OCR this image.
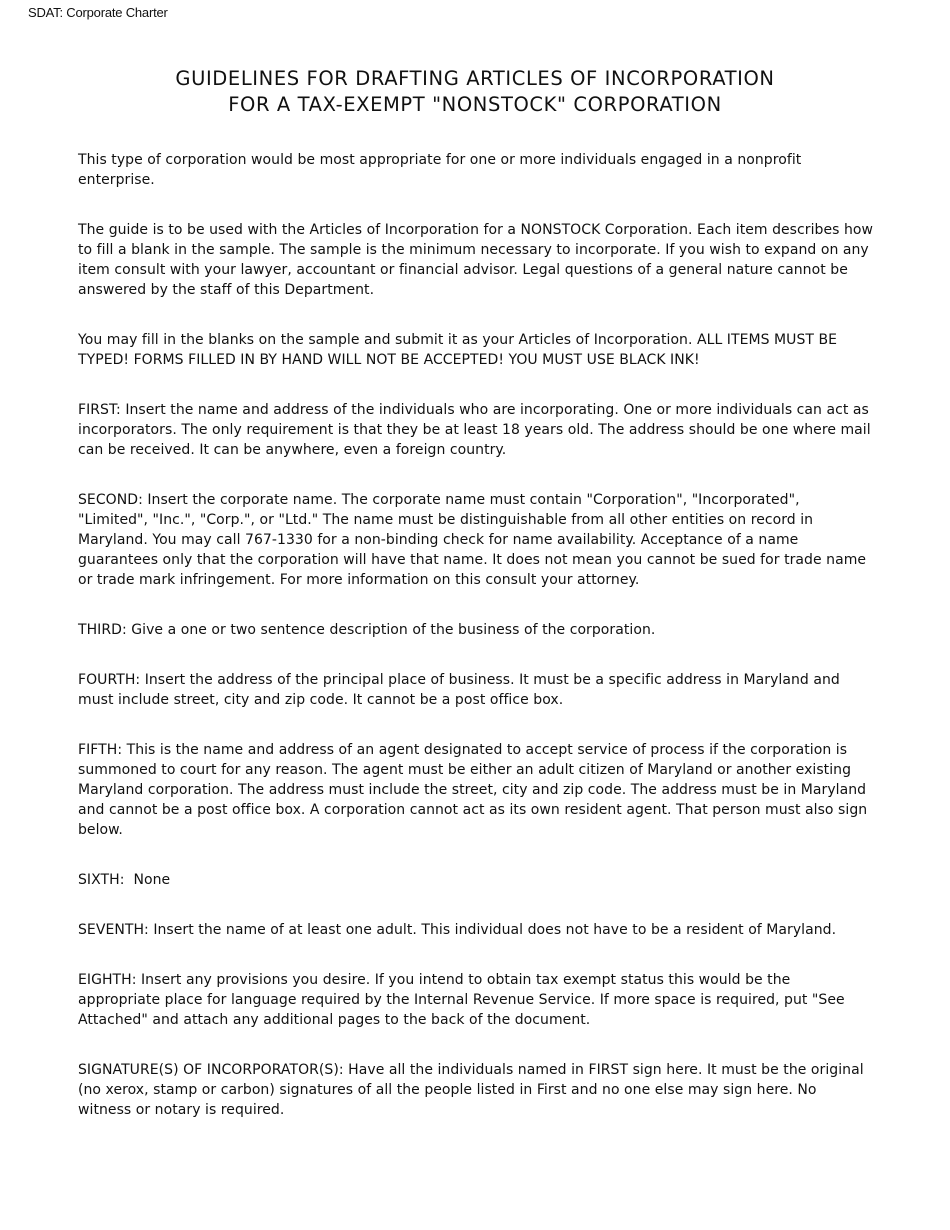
SDAT: Corporate Charter
GUIDELINES FOR DRAFTING ARTICLES OF INCORPORATION
FOR A TAX-EXEMPT "NONSTOCK" CORPORATION

This type of corporation would be most appropriate for one or more individuals engaged in a nonprofit enterprise.

The guide is to be used with the Articles of Incorporation for a NONSTOCK Corporation. Each item describes how to fill a blank in the sample. The sample is the minimum necessary to incorporate. If you wish to expand on any item consult with your lawyer, accountant or financial advisor. Legal questions of a general nature cannot be answered by the staff of this Department.

You may fill in the blanks on the sample and submit it as your Articles of Incorporation. ALL ITEMS MUST BE TYPED! FORMS FILLED IN BY HAND WILL NOT BE ACCEPTED! YOU MUST USE BLACK INK!

FIRST: Insert the name and address of the individuals who are incorporating. One or more individuals can act as incorporators. The only requirement is that they be at least 18 years old. The address should be one where mail can be received. It can be anywhere, even a foreign country.

SECOND: Insert the corporate name. The corporate name must contain "Corporation", "Incorporated", "Limited", "Inc.", "Corp.", or "Ltd." The name must be distinguishable from all other entities on record in Maryland. You may call 767-1330 for a non-binding check for name availability. Acceptance of a name guarantees only that the corporation will have that name. It does not mean you cannot be sued for trade name or trade mark infringement. For more information on this consult your attorney.

THIRD: Give a one or two sentence description of the business of the corporation.

FOURTH: Insert the address of the principal place of business. It must be a specific address in Maryland and must include street, city and zip code. It cannot be a post office box.

FIFTH: This is the name and address of an agent designated to accept service of process if the corporation is summoned to court for any reason. The agent must be either an adult citizen of Maryland or another existing Maryland corporation. The address must include the street, city and zip code. The address must be in Maryland and cannot be a post office box. A corporation cannot act as its own resident agent. That person must also sign below.

SIXTH:  None

SEVENTH: Insert the name of at least one adult. This individual does not have to be a resident of Maryland.

EIGHTH: Insert any provisions you desire. If you intend to obtain tax exempt status this would be the appropriate place for language required by the Internal Revenue Service. If more space is required, put "See Attached" and attach any additional pages to the back of the document.

SIGNATURE(S) OF INCORPORATOR(S): Have all the individuals named in FIRST sign here. It must be the original (no xerox, stamp or carbon) signatures of all the people listed in First and no one else may sign here. No witness or notary is required.
